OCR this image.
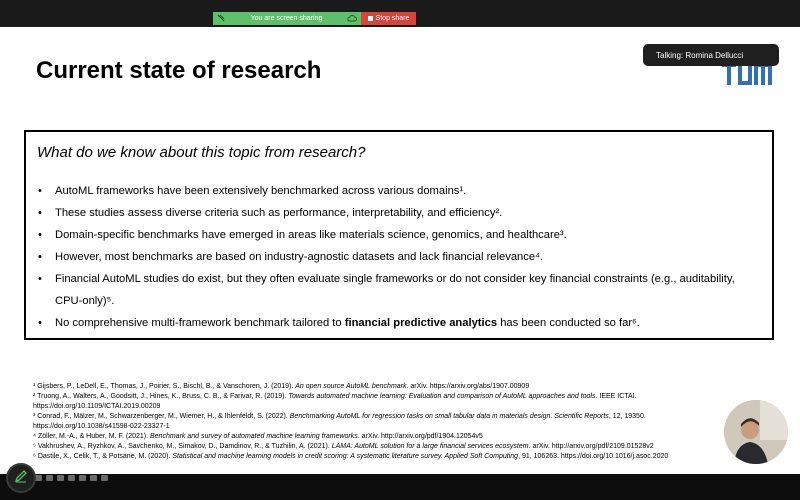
You are screen sharing	Stop share
Current state of research
Talking: Romina Dellucci
What do we know about this topic from research?
• AutoML frameworks have been extensively benchmarked across various domains¹.
• These studies assess diverse criteria such as performance, interpretability, and efficiency².
• Domain-specific benchmarks have emerged in areas like materials science, genomics, and healthcare³.
• However, most benchmarks are based on industry-agnostic datasets and lack financial relevance⁴.
• Financial AutoML studies do exist, but they often evaluate single frameworks or do not consider key financial constraints (e.g., auditability, CPU-only)⁵.
• No comprehensive multi-framework benchmark tailored to financial predictive analytics has been conducted so far⁶.
¹ Gijsbers, P., LeDell, E., Thomas, J., Poirier, S., Bischl, B., & Vanschoren, J. (2019). An open source AutoML benchmark. arXiv. https://arxiv.org/abs/1907.00909
² Truong, A., Walters, A., Goodsitt, J., Hines, K., Bruss, C. B., & Farivar, R. (2019). Towards automated machine learning: Evaluation and comparison of AutoML approaches and tools. IEEE ICTAI.
https://doi.org/10.1109/ICTAI.2019.00209
³ Conrad, F., Mälzer, M., Schwarzenberger, M., Wiemer, H., & Ihlenfeldt, S. (2022). Benchmarking AutoML for regression tasks on small tabular data in materials design. Scientific Reports, 12, 19350.
https://doi.org/10.1038/s41598-022-23327-1
⁴ Zöller, M.-A., & Huber, M. F. (2021). Benchmark and survey of automated machine learning frameworks. arXiv. http://arxiv.org/pdf/1904.12054v5
⁵ Vakhrushev, A., Ryzhkov, A., Savchenko, M., Simakov, D., Damdinov, R., & Tuzhilin, A. (2021). LAMA: AutoML solution for a large financial services ecosystem. arXiv. http://arxiv.org/pdf/2109.01528v2
⁶ Dastile, X., Celik, T., & Potsane, M. (2020). Statistical and machine learning models in credit scoring: A systematic literature survey. Applied Soft Computing, 91, 106263. https://doi.org/10.1016/j.asoc.2020
